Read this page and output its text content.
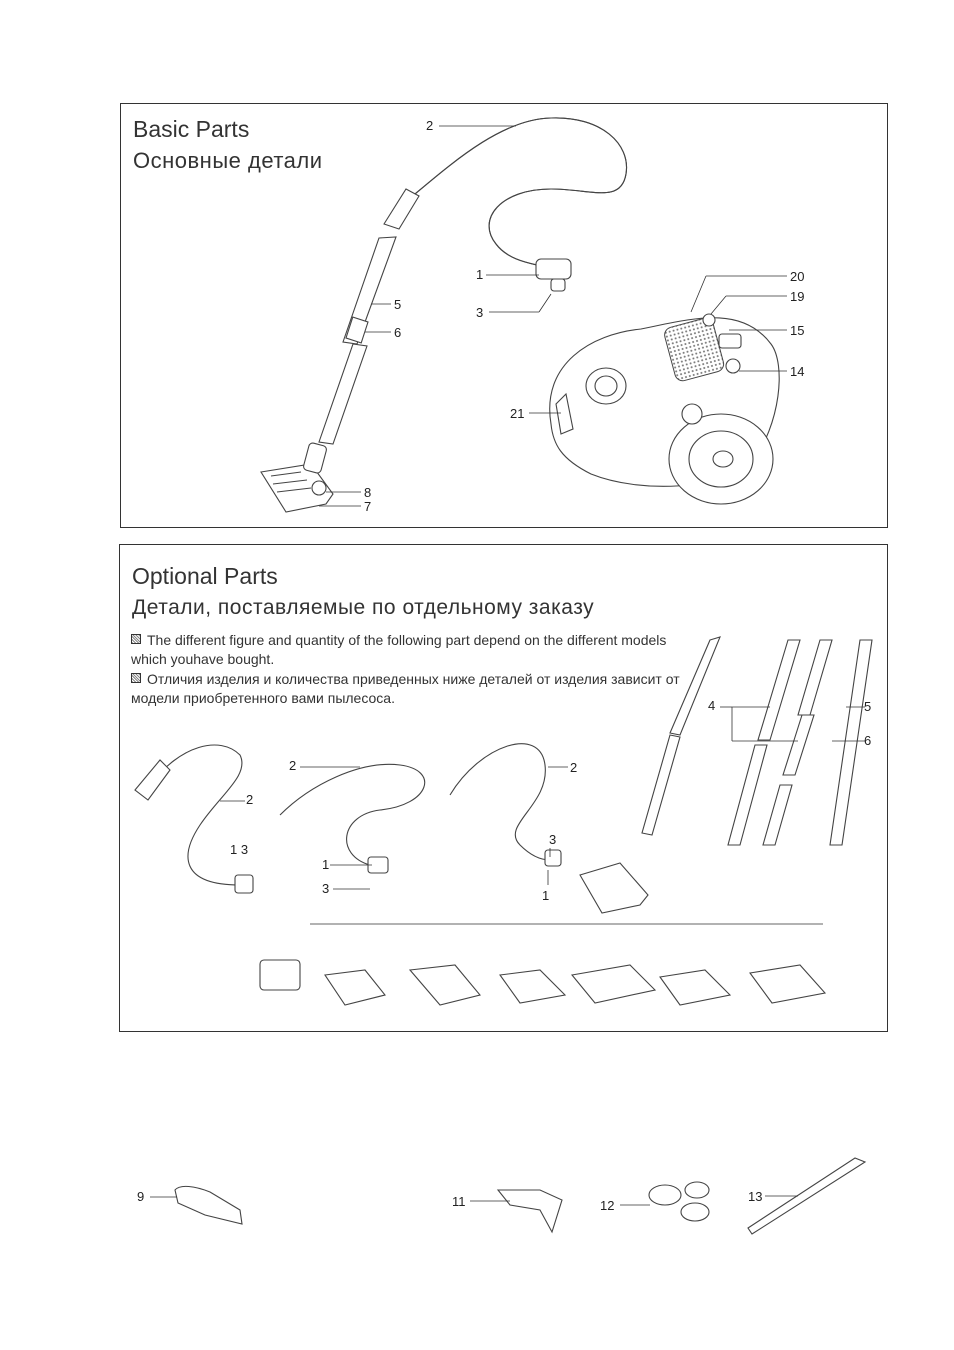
Basic Parts
Основные детали
2
1
3
5
6
8
7
20
19
15
14
21
Optional Parts
Детали, поставляемые по отдельному заказу
The different figure and quantity of the following part depend on the different models which youhave bought.
Отличия изделия и количества приведенных ниже деталей от изделия зависит от модели приобретенного вами пылесоса.
2
1 3
2
1
3
2
3
1
4	5
6
9	11	12
13
